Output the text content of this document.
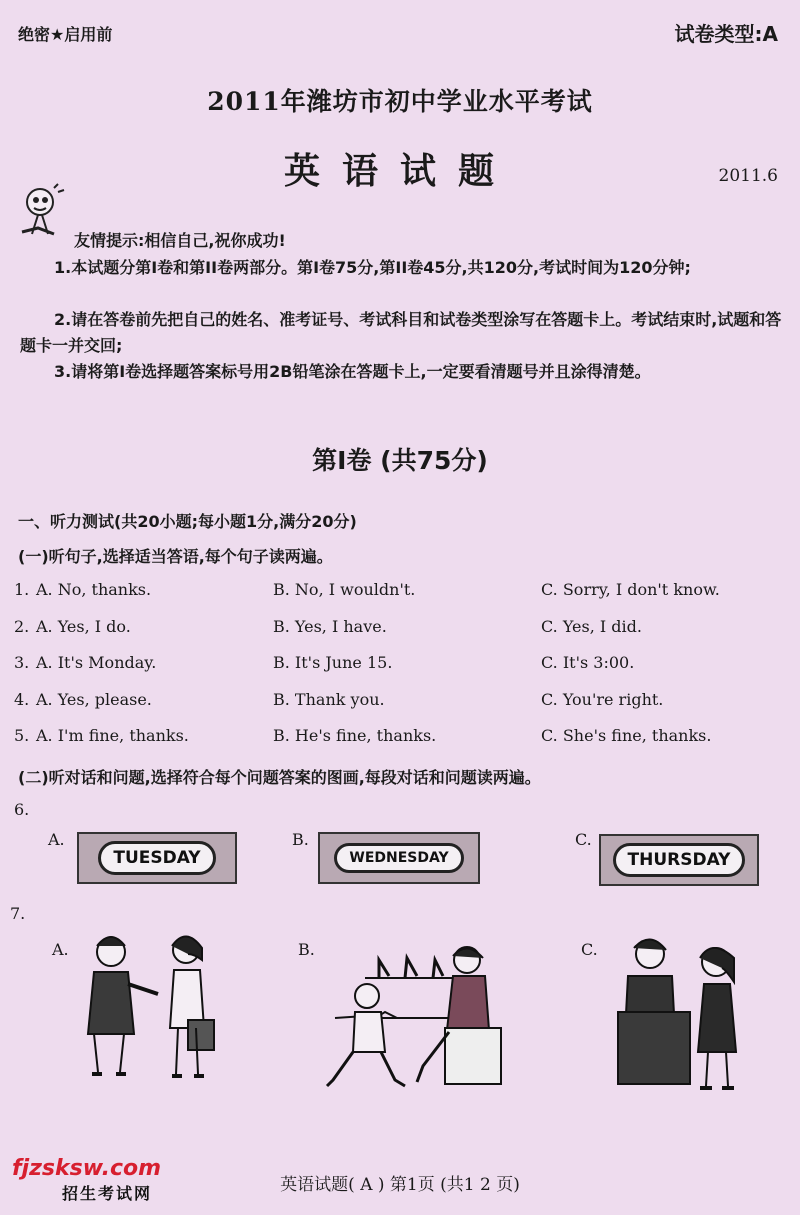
绝密★启用前	试卷类型:A
2011年潍坊市初中学业水平考试
英语试题	2011.6
友情提示:相信自己,祝你成功!
1.本试题分第I卷和第II卷两部分。第I卷75分,第II卷45分,共120分,考试时间为120分钟;
2.请在答卷前先把自己的姓名、准考证号、考试科目和试卷类型涂写在答题卡上。考试结束时,试题和答题卡一并交回;
3.请将第I卷选择题答案标号用2B铅笔涂在答题卡上,一定要看清题号并且涂得清楚。
第I卷 (共75分)
一、听力测试(共20小题;每小题1分,满分20分)
(一)听句子,选择适当答语,每个句子读两遍。
1. A. No, thanks.	B. No, I wouldn't.	C. Sorry, I don't know.
2. A. Yes, I do.	B. Yes, I have.	C. Yes, I did.
3. A. It's Monday.	B. It's June 15.	C. It's 3:00.
4. A. Yes, please.	B. Thank you.	C. You're right.
5. A. I'm fine, thanks.	B. He's fine, thanks.	C. She's fine, thanks.
(二)听对话和问题,选择符合每个问题答案的图画,每段对话和问题读两遍。
6.
A.
TUESDAY
B.
WEDNESDAY
C.
THURSDAY
7.
A.	B.	C.
英语试题( A ) 第1页 (共1 2 页)
fjzsksw.com
招生考试网
